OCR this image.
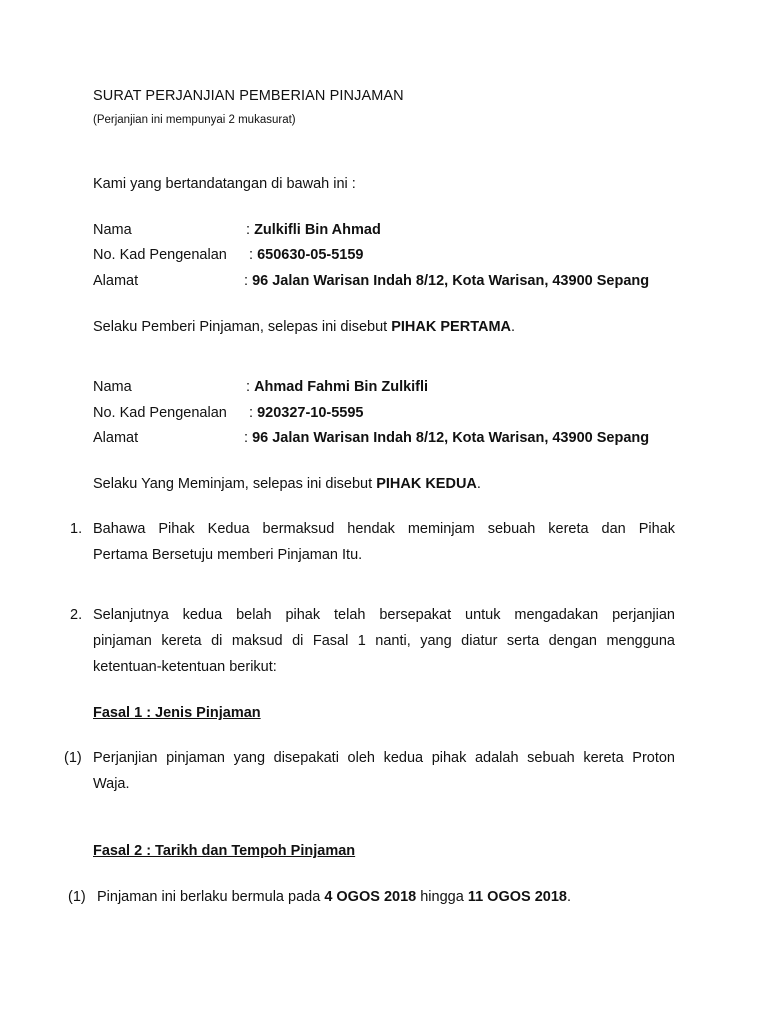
SURAT PERJANJIAN PEMBERIAN PINJAMAN
(Perjanjian ini mempunyai 2 mukasurat)
Kami yang bertandatangan di bawah ini :
Nama	: Zulkifli Bin Ahmad
No. Kad Pengenalan : 650630-05-5159
Alamat	: 96 Jalan Warisan Indah 8/12, Kota Warisan, 43900 Sepang
Selaku Pemberi Pinjaman, selepas ini disebut PIHAK PERTAMA.
Nama	: Ahmad Fahmi Bin Zulkifli
No. Kad Pengenalan : 920327-10-5595
Alamat	: 96 Jalan Warisan Indah 8/12, Kota Warisan, 43900 Sepang
Selaku Yang Meminjam, selepas ini disebut PIHAK KEDUA.
1. Bahawa Pihak Kedua bermaksud hendak meminjam sebuah kereta dan Pihak
Pertama Bersetuju memberi Pinjaman Itu.
2. Selanjutnya kedua belah pihak telah bersepakat untuk mengadakan perjanjian
pinjaman kereta di maksud di Fasal 1 nanti, yang diatur serta dengan mengguna
ketentuan-ketentuan berikut:
Fasal 1 : Jenis Pinjaman
(1) Perjanjian pinjaman yang disepakati oleh kedua pihak adalah sebuah kereta Proton
Waja.
Fasal 2 : Tarikh dan Tempoh Pinjaman
(1) Pinjaman ini berlaku bermula pada 4 OGOS 2018 hingga 11 OGOS 2018.
